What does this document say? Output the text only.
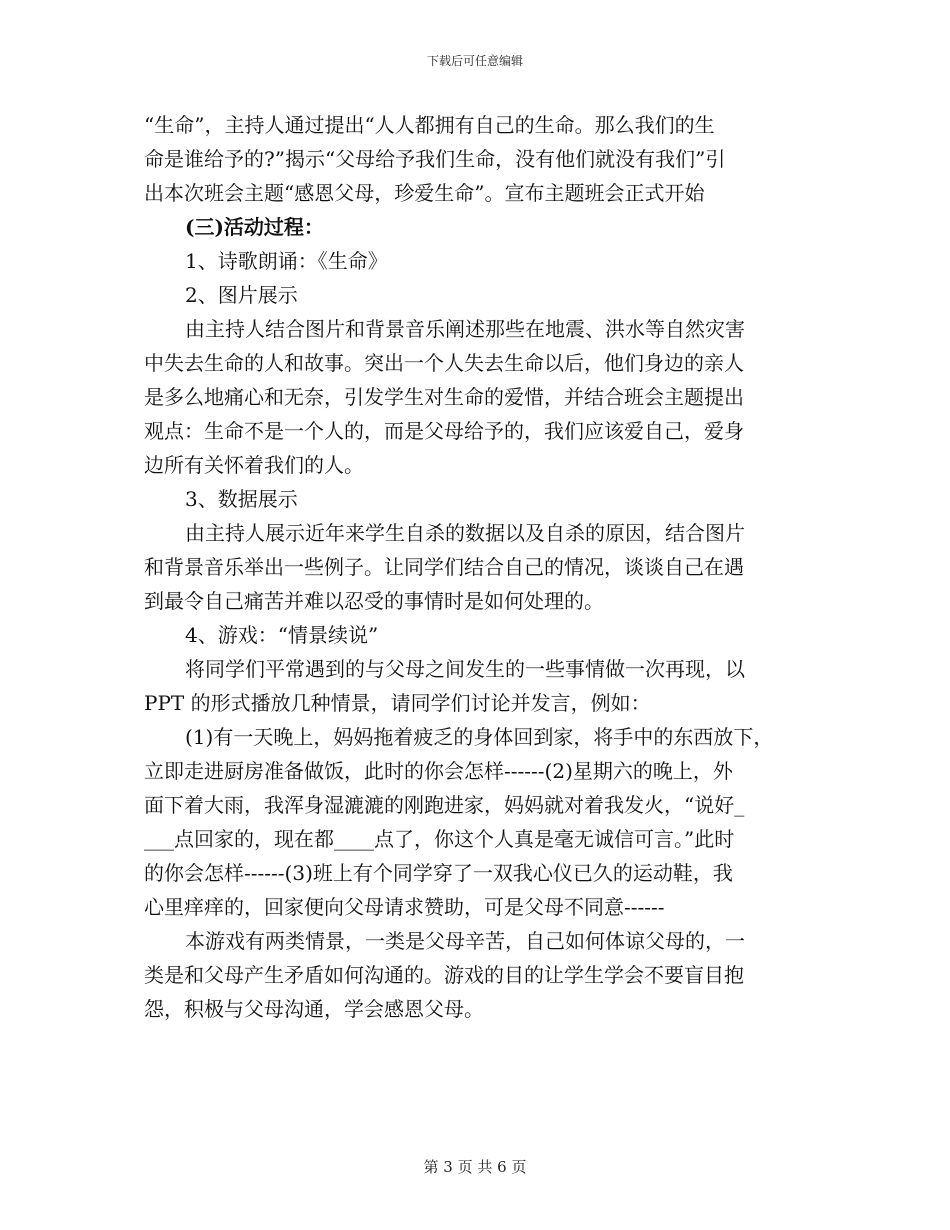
下载后可任意编辑
“生命”，主持人通过提出“人人都拥有自己的生命。那么我们的生
命是谁给予的?”揭示“父母给予我们生命，没有他们就没有我们”引
出本次班会主题“感恩父母，珍爱生命”。宣布主题班会正式开始
(三)活动过程：
1、诗歌朗诵：《生命》
2、图片展示
由主持人结合图片和背景音乐阐述那些在地震、洪水等自然灾害
中失去生命的人和故事。突出一个人失去生命以后，他们身边的亲人
是多么地痛心和无奈，引发学生对生命的爱惜，并结合班会主题提出
观点：生命不是一个人的，而是父母给予的，我们应该爱自己，爱身
边所有关怀着我们的人。
3、数据展示
由主持人展示近年来学生自杀的数据以及自杀的原因，结合图片
和背景音乐举出一些例子。让同学们结合自己的情况，谈谈自己在遇
到最令自己痛苦并难以忍受的事情时是如何处理的。
4、游戏：“情景续说”
将同学们平常遇到的与父母之间发生的一些事情做一次再现，以
PPT 的形式播放几种情景，请同学们讨论并发言，例如：
(1)有一天晚上，妈妈拖着疲乏的身体回到家，将手中的东西放下，
立即走进厨房准备做饭，此时的你会怎样------(2)星期六的晚上，外
面下着大雨，我浑身湿漉漉的刚跑进家，妈妈就对着我发火，“说好_
___点回家的，现在都____点了，你这个人真是毫无诚信可言。”此时
的你会怎样------(3)班上有个同学穿了一双我心仪已久的运动鞋，我
心里痒痒的，回家便向父母请求赞助，可是父母不同意------
本游戏有两类情景，一类是父母辛苦，自己如何体谅父母的，一
类是和父母产生矛盾如何沟通的。游戏的目的让学生学会不要盲目抱
怨，积极与父母沟通，学会感恩父母。
第 3 页 共 6 页
